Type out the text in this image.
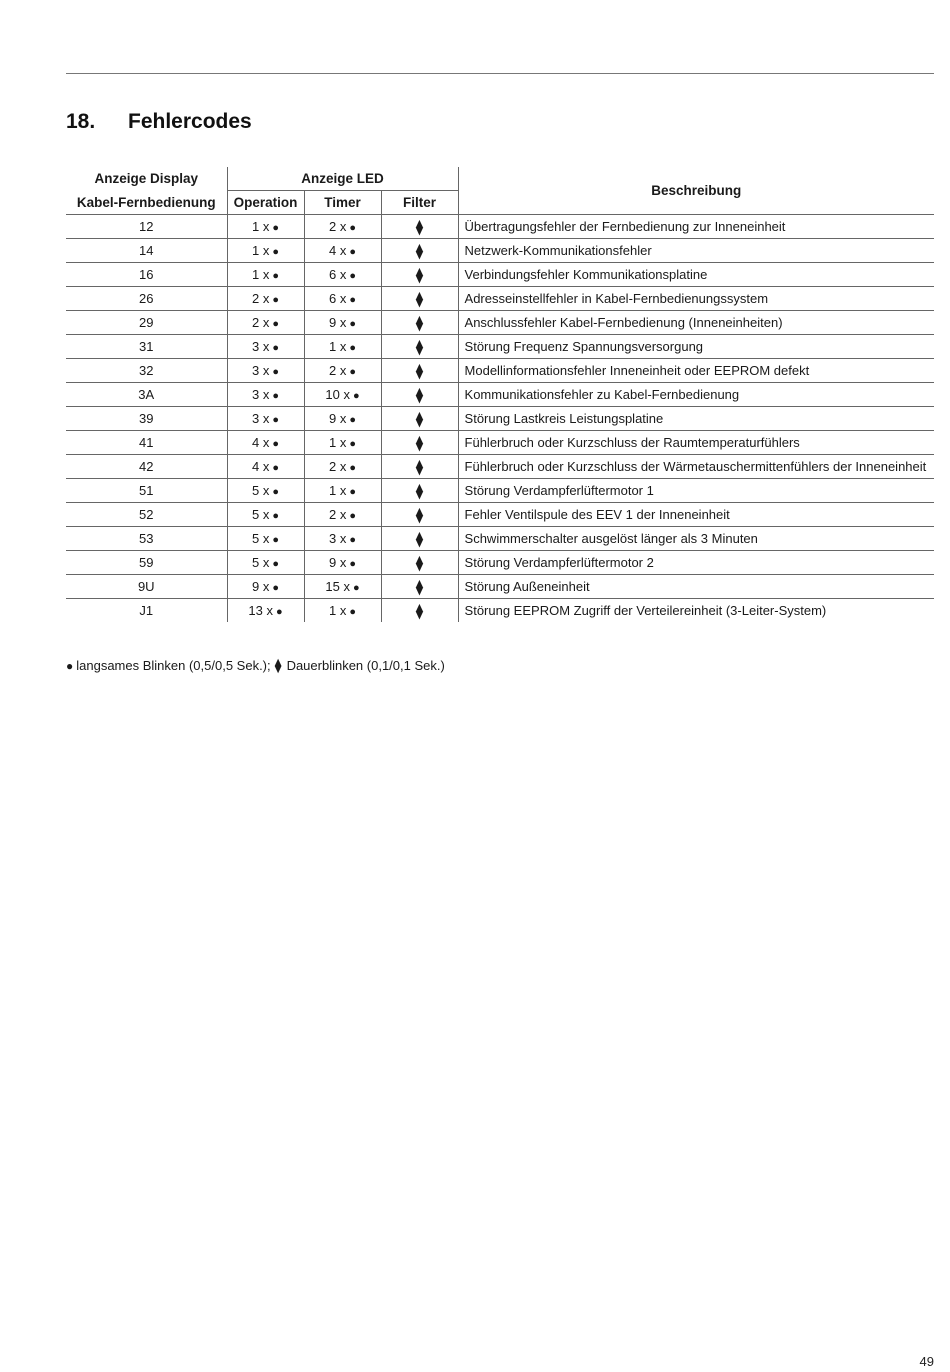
18. Fehlercodes
Anzeige Display	Anzeige LED			Beschreibung
Kabel-Fernbedienung	Operation	Timer	Filter	
12	1 x ●	2 x ●	⧫	Übertragungsfehler der Fernbedienung zur Inneneinheit
14	1 x ●	4 x ●	⧫	Netzwerk-Kommunikationsfehler
16	1 x ●	6 x ●	⧫	Verbindungsfehler Kommunikationsplatine
26	2 x ●	6 x ●	⧫	Adresseinstellfehler in Kabel-Fernbedienungssystem
29	2 x ●	9 x ●	⧫	Anschlussfehler Kabel-Fernbedienung (Inneneinheiten)
31	3 x ●	1 x ●	⧫	Störung Frequenz Spannungsversorgung
32	3 x ●	2 x ●	⧫	Modellinformationsfehler Inneneinheit oder EEPROM defekt
3A	3 x ●	10 x ●	⧫	Kommunikationsfehler zu Kabel-Fernbedienung
39	3 x ●	9 x ●	⧫	Störung Lastkreis Leistungsplatine
41	4 x ●	1 x ●	⧫	Fühlerbruch oder Kurzschluss der Raumtemperaturfühlers
42	4 x ●	2 x ●	⧫	Fühlerbruch oder Kurzschluss der Wärmetauschermittenfühlers der Inneneinheit
51	5 x ●	1 x ●	⧫	Störung Verdampferlüftermotor 1
52	5 x ●	2 x ●	⧫	Fehler Ventilspule des EEV 1 der Inneneinheit
53	5 x ●	3 x ●	⧫	Schwimmerschalter ausgelöst länger als 3 Minuten
59	5 x ●	9 x ●	⧫	Störung Verdampferlüftermotor 2
9U	9 x ●	15 x ●	⧫	Störung Außeneinheit
J1	13 x ●	1 x ●	⧫	Störung EEPROM Zugriff der Verteilereinheit (3-Leiter-System)
● langsames Blinken (0,5/0,5 Sek.); ⧫ Dauerblinken (0,1/0,1 Sek.)
49
